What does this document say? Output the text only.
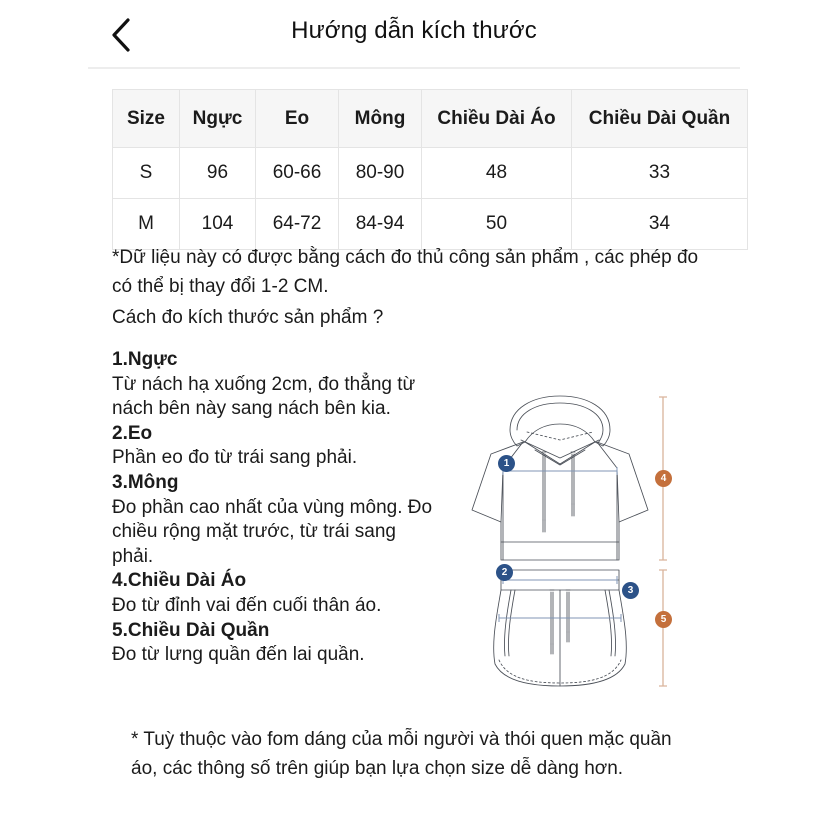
Hướng dẫn kích thước
Size	Ngực	Eo	Mông	Chiều Dài Áo	Chiều Dài Quần
S	96	60-66	80-90	48	33
M	104	64-72	84-94	50	34
*Dữ liệu này có được bằng cách đo thủ công sản phẩm , các phép đo có thể bị thay đổi 1-2 CM.
Cách đo kích thước sản phẩm ?
1.Ngực
Từ nách hạ xuống 2cm, đo thẳng từ nách bên này sang nách bên kia.
2.Eo
Phần eo đo từ trái sang phải.
3.Mông
Đo phần cao nhất của vùng mông. Đo chiều rộng mặt trước, từ trái sang phải.
4.Chiều Dài Áo
Đo từ đỉnh vai đến cuối thân áo.
5.Chiều Dài Quần
Đo từ lưng quần đến lai quần.
* Tuỳ thuộc vào fom dáng của mỗi người và thói quen mặc quần áo, các thông số trên giúp bạn lựa chọn size dễ dàng hơn.
1
2
3
4
5
